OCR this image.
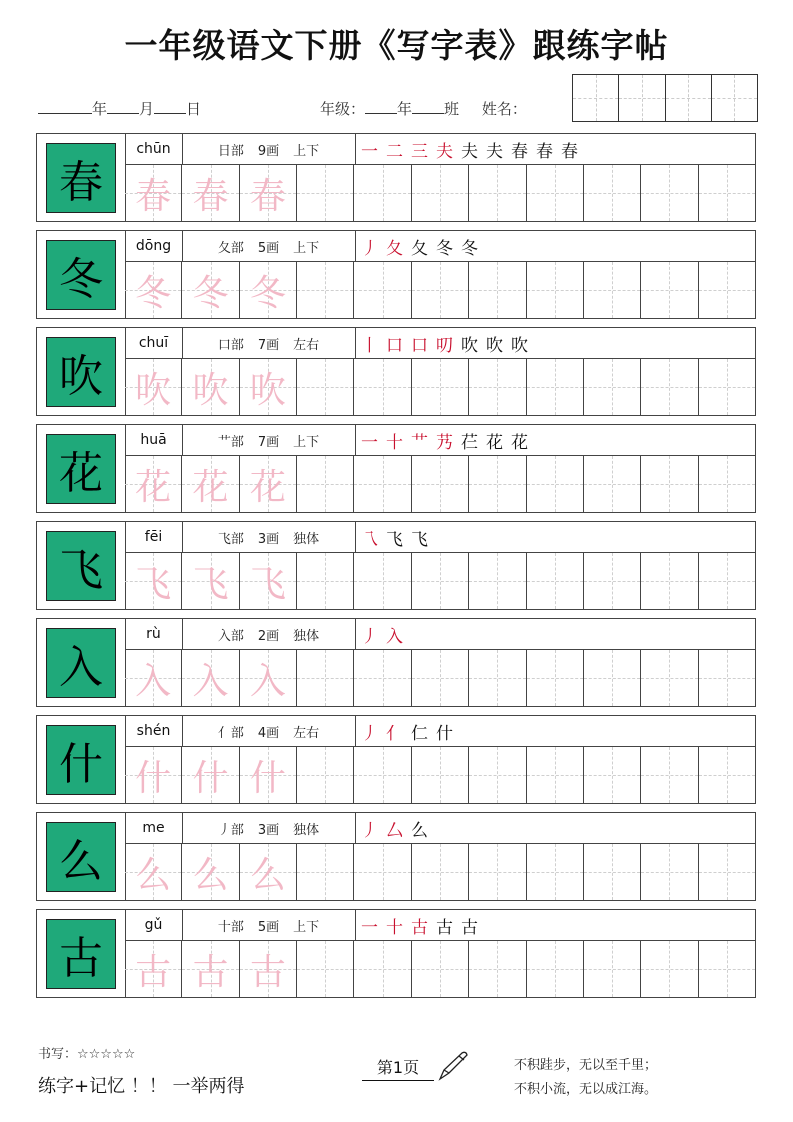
一年级语文下册《写字表》跟练字帖
年 月 日	年级： 年 班 姓名：
春
chūn	日部 9画 上下 一 二 三 夫 夫 夫 春 春 春
春 春 春
冬
dōng	夂部 5画 上下 丿 夂 夂 冬 冬
冬 冬 冬
吹
chuī	口部 7画 左右 丨 口 口 叨 吹 吹 吹
吹 吹 吹
花
huā	艹部 7画 上下 一 十 艹 艿 芢 花 花
花 花 花
飞
fēi	飞部 3画 独体 乁 飞 飞
飞 飞 飞
入
rù	入部 2画 独体 丿 入
入 入 入
什
shén	亻部 4画 左右 丿 亻 仁 什
什 什 什
么
me	丿部 3画 独体 丿 厶 么
么 么 么
古
gǔ	十部 5画 上下 一 十 古 古 古
古 古 古
书写：☆☆☆☆☆
练字+记忆 ！！ 一举两得
第1页	不积跬步，无以至千里；
不积小流，无以成江海。
